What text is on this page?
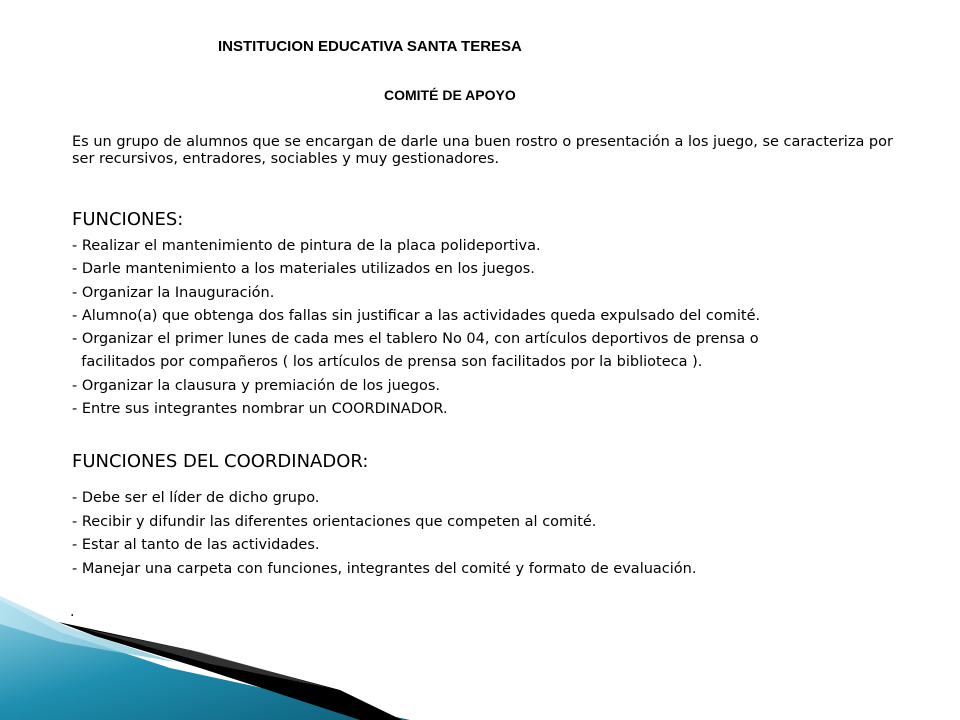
INSTITUCION EDUCATIVA SANTA TERESA
COMITÉ DE APOYO
Es un grupo de alumnos que se encargan de darle una buen rostro o presentación a los juego, se caracteriza por ser recursivos, entradores, sociables y muy gestionadores.
FUNCIONES:
- Realizar el mantenimiento de pintura de la placa polideportiva.
- Darle mantenimiento a los materiales utilizados en los juegos.
- Organizar la Inauguración.
- Alumno(a) que obtenga dos fallas sin justificar a las actividades queda expulsado del comité.
- Organizar el primer lunes de cada mes el tablero No 04, con artículos deportivos de prensa o
facilitados por compañeros ( los artículos de prensa son facilitados por la biblioteca ).
- Organizar la clausura y premiación de los juegos.
- Entre sus integrantes nombrar un COORDINADOR.
FUNCIONES DEL COORDINADOR:
- Debe ser el líder de dicho grupo.
- Recibir y difundir las diferentes orientaciones que competen al comité.
- Estar al tanto de las actividades.
- Manejar una carpeta con funciones, integrantes del comité y formato de evaluación.
.
